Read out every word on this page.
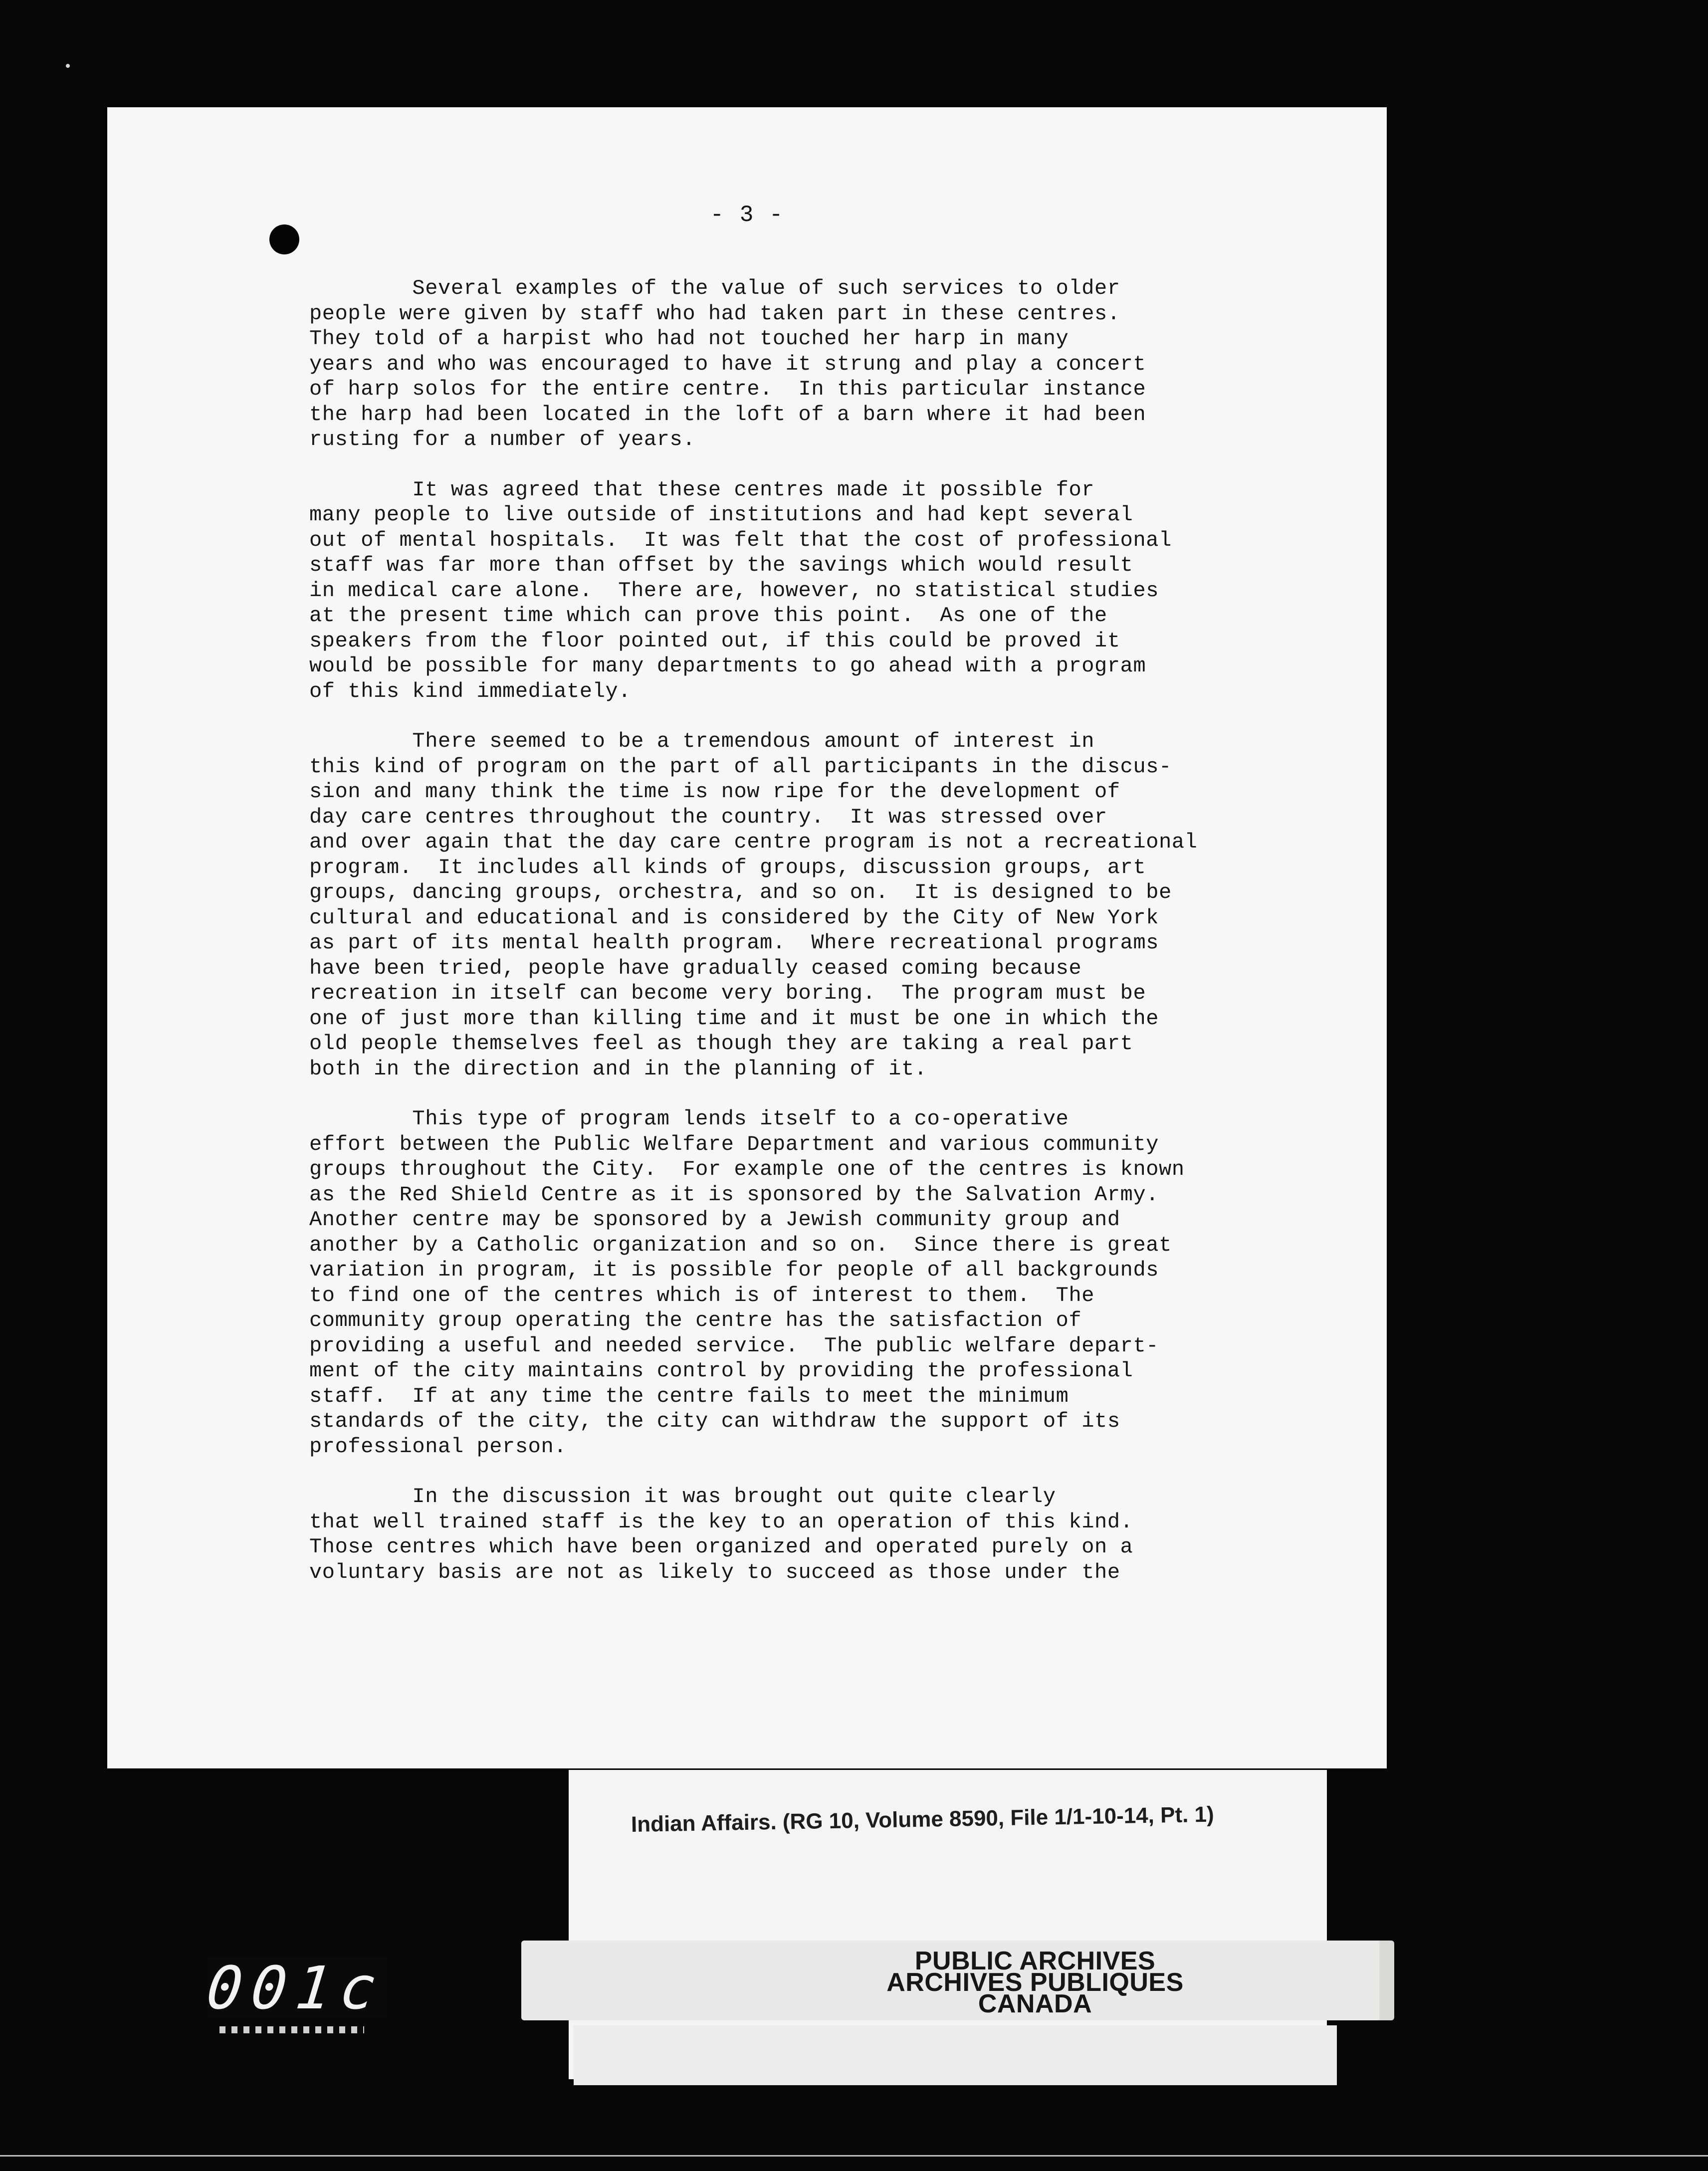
- 3 -
Several examples of the value of such services to older
people were given by staff who had taken part in these centres.
They told of a harpist who had not touched her harp in many
years and who was encouraged to have it strung and play a concert
of harp solos for the entire centre.  In this particular instance
the harp had been located in the loft of a barn where it had been
rusting for a number of years.
It was agreed that these centres made it possible for
many people to live outside of institutions and had kept several
out of mental hospitals.  It was felt that the cost of professional
staff was far more than offset by the savings which would result
in medical care alone.  There are, however, no statistical studies
at the present time which can prove this point.  As one of the
speakers from the floor pointed out, if this could be proved it
would be possible for many departments to go ahead with a program
of this kind immediately.
There seemed to be a tremendous amount of interest in
this kind of program on the part of all participants in the discus-
sion and many think the time is now ripe for the development of
day care centres throughout the country.  It was stressed over
and over again that the day care centre program is not a recreational
program.  It includes all kinds of groups, discussion groups, art
groups, dancing groups, orchestra, and so on.  It is designed to be
cultural and educational and is considered by the City of New York
as part of its mental health program.  Where recreational programs
have been tried, people have gradually ceased coming because
recreation in itself can become very boring.  The program must be
one of just more than killing time and it must be one in which the
old people themselves feel as though they are taking a real part
both in the direction and in the planning of it.
This type of program lends itself to a co-operative
effort between the Public Welfare Department and various community
groups throughout the City.  For example one of the centres is known
as the Red Shield Centre as it is sponsored by the Salvation Army.
Another centre may be sponsored by a Jewish community group and
another by a Catholic organization and so on.  Since there is great
variation in program, it is possible for people of all backgrounds
to find one of the centres which is of interest to them.  The
community group operating the centre has the satisfaction of
providing a useful and needed service.  The public welfare depart-
ment of the city maintains control by providing the professional
staff.  If at any time the centre fails to meet the minimum
standards of the city, the city can withdraw the support of its
professional person.
In the discussion it was brought out quite clearly
that well trained staff is the key to an operation of this kind.
Those centres which have been organized and operated purely on a
voluntary basis are not as likely to succeed as those under the
Indian Affairs. (RG 10, Volume 8590, File 1/1-10-14, Pt. 1)
PUBLIC ARCHIVES
ARCHIVES PUBLIQUES
CANADA
001c
